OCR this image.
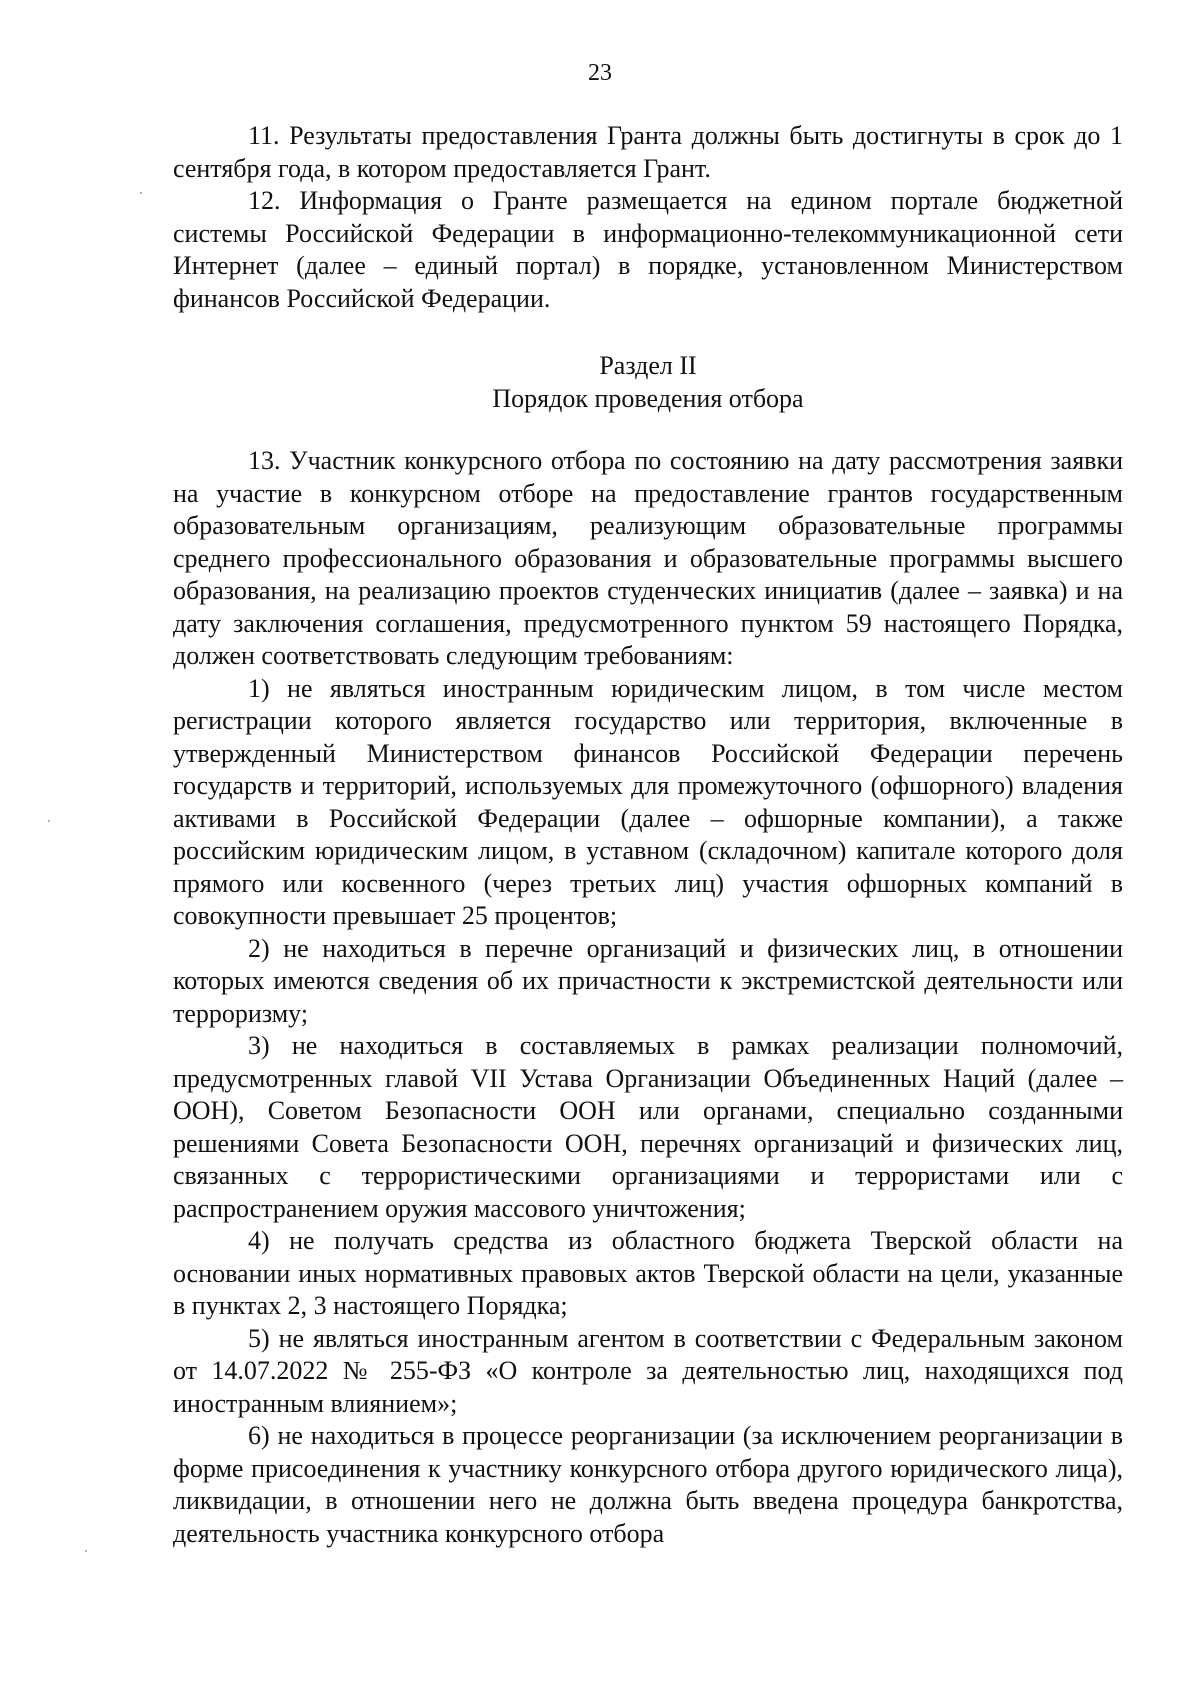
23

11. Результаты предоставления Гранта должны быть достигнуты в срок до 1 сентября года, в котором предоставляется Грант.

12. Информация о Гранте размещается на едином портале бюджетной системы Российской Федерации в информационно-телекоммуникационной сети Интернет (далее – единый портал) в порядке, установленном Министерством финансов Российской Федерации.

Раздел II
Порядок проведения отбора

13. Участник конкурсного отбора по состоянию на дату рассмотрения заявки на участие в конкурсном отборе на предоставление грантов государственным образовательным организациям, реализующим образовательные программы среднего профессионального образования и образовательные программы высшего образования, на реализацию проектов студенческих инициатив (далее – заявка) и на дату заключения соглашения, предусмотренного пунктом 59 настоящего Порядка, должен соответствовать следующим требованиям:

1) не являться иностранным юридическим лицом, в том числе местом регистрации которого является государство или территория, включенные в утвержденный Министерством финансов Российской Федерации перечень государств и территорий, используемых для промежуточного (офшорного) владения активами в Российской Федерации (далее – офшорные компании), а также российским юридическим лицом, в уставном (складочном) капитале которого доля прямого или косвенного (через третьих лиц) участия офшорных компаний в совокупности превышает 25 процентов;

2) не находиться в перечне организаций и физических лиц, в отношении которых имеются сведения об их причастности к экстремистской деятельности или терроризму;

3) не находиться в составляемых в рамках реализации полномочий, предусмотренных главой VII Устава Организации Объединенных Наций (далее – ООН), Советом Безопасности ООН или органами, специально созданными решениями Совета Безопасности ООН, перечнях организаций и физических лиц, связанных с террористическими организациями и террористами или с распространением оружия массового уничтожения;

4) не получать средства из областного бюджета Тверской области на основании иных нормативных правовых актов Тверской области на цели, указанные в пунктах 2, 3 настоящего Порядка;

5) не являться иностранным агентом в соответствии с Федеральным законом от 14.07.2022 № 255-ФЗ «О контроле за деятельностью лиц, находящихся под иностранным влиянием»;

6) не находиться в процессе реорганизации (за исключением реорганизации в форме присоединения к участнику конкурсного отбора другого юридического лица), ликвидации, в отношении него не должна быть введена процедура банкротства, деятельность участника конкурсного отбора
